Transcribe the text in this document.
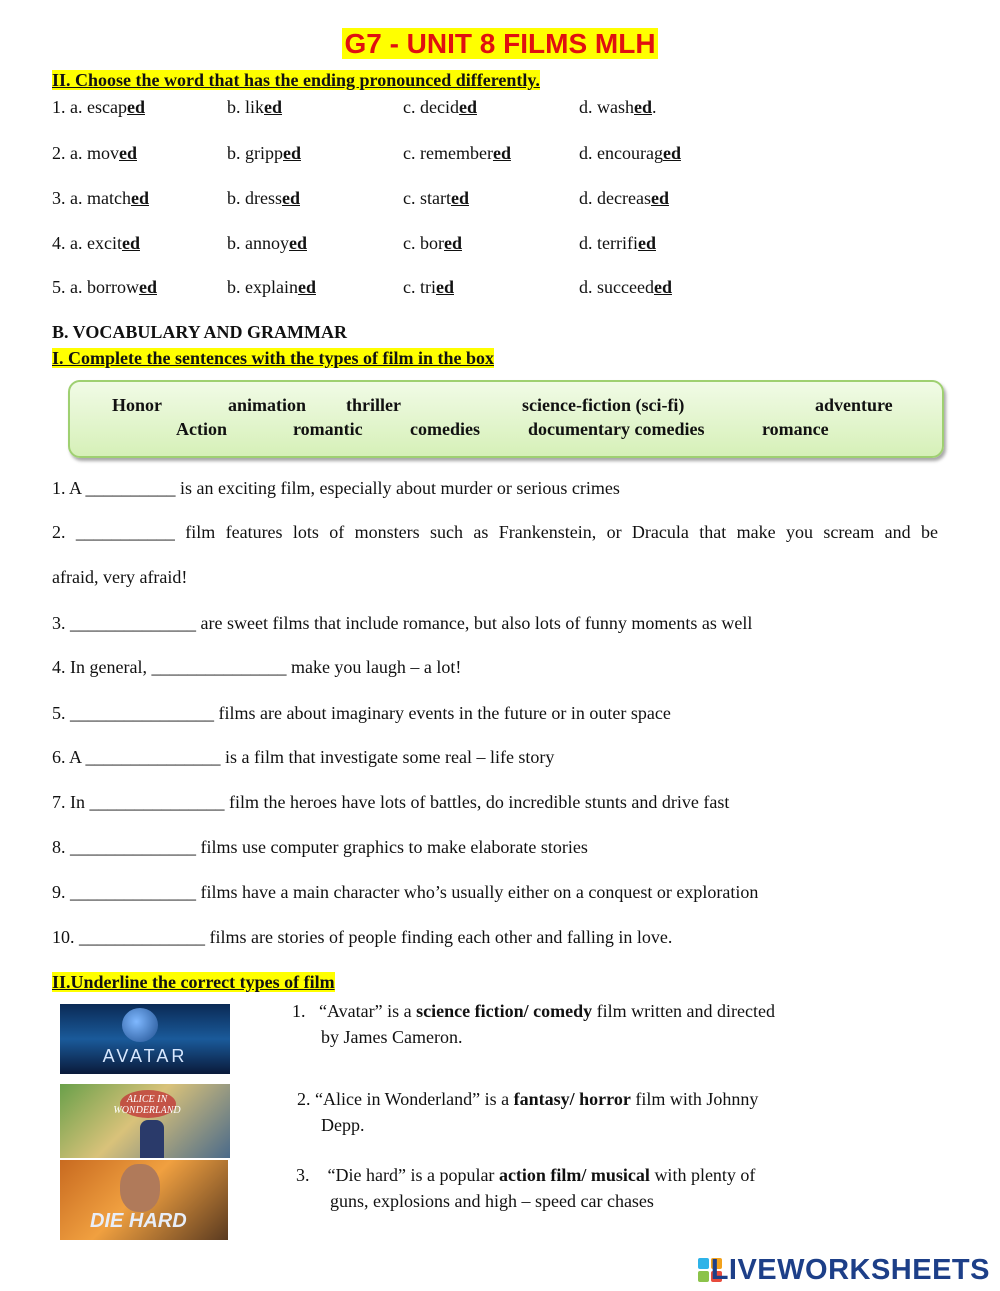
G7 - UNIT 8 FILMS MLH
II. Choose the word that has the ending pronounced differently.
1. a. escaped	b. liked	c. decided	d. washed.
2. a. moved	b. gripped	c. remembered	d. encouraged
3. a. matched	b. dressed	c. started	d. decreased
4. a. excited	b. annoyed	c. bored	d. terrified
5. a. borrowed	b. explained	c. tried	d. succeeded
B. VOCABULARY AND GRAMMAR
I. Complete the sentences with the types of film in the box
Honor	animation thriller	science-fiction (sci-fi)	adventure
Action	romantic	comedies	documentary comedies	romance
1. A __________ is an exciting film, especially about murder or serious crimes
2. ___________ film features lots of monsters such as Frankenstein, or Dracula that make you scream and be
afraid, very afraid!
3. ______________ are sweet films that include romance, but also lots of funny moments as well
4. In general, _______________ make you laugh – a lot!
5. ________________ films are about imaginary events in the future or in outer space
6. A _______________ is a film that investigate some real – life story
7. In _______________ film the heroes have lots of battles, do incredible stunts and drive fast
8. ______________ films use computer graphics to make elaborate stories
9. ______________ films have a main character who’s usually either on a conquest or exploration
10. ______________ films are stories of people finding each other and falling in love.
II.Underline the correct types of film
AVATAR
ALICE IN WONDERLAND
DIE HARD
1. “Avatar” is a science fiction/ comedy film written and directed
by James Cameron.
2. “Alice in Wonderland” is a fantasy/ horror film with Johnny
Depp.
3. “Die hard” is a popular action film/ musical with plenty of
guns, explosions and high – speed car chases
LIVEWORKSHEETS
